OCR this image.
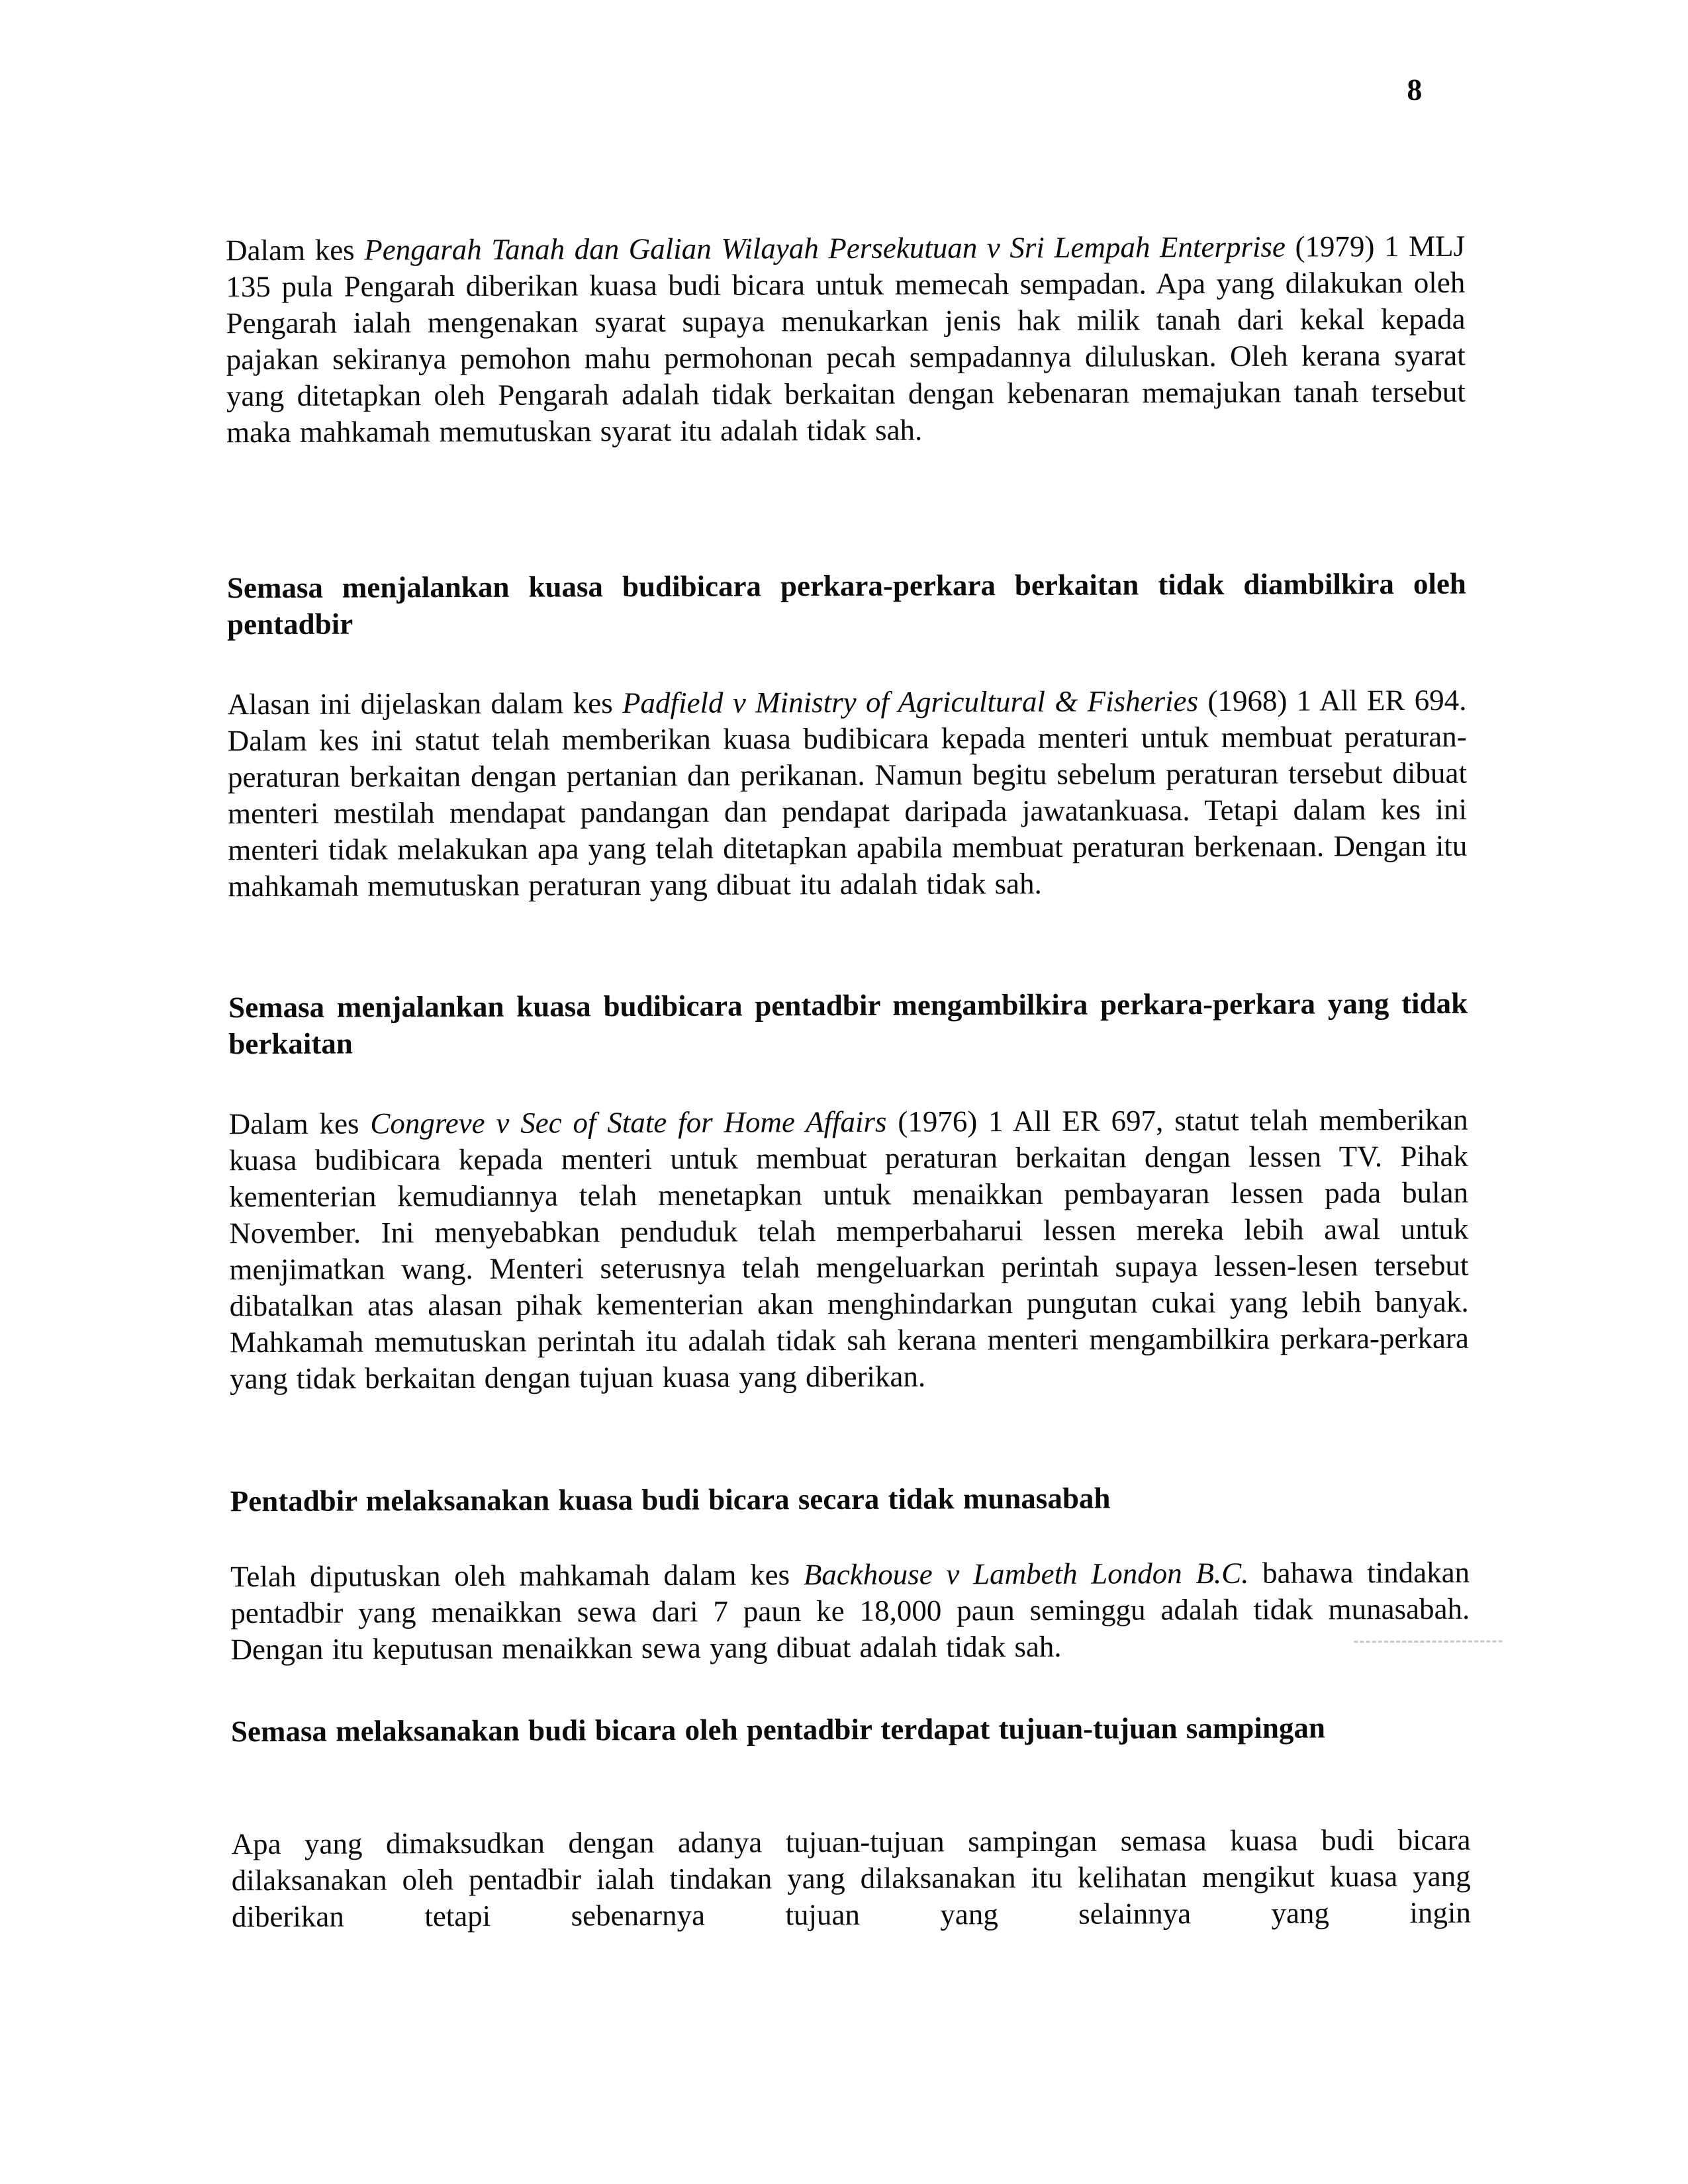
8

Dalam kes Pengarah Tanah dan Galian Wilayah Persekutuan v Sri Lempah Enterprise (1979) 1 MLJ 135 pula Pengarah diberikan kuasa budi bicara untuk memecah sempadan. Apa yang dilakukan oleh Pengarah ialah mengenakan syarat supaya menukarkan jenis hak milik tanah dari kekal kepada pajakan sekiranya pemohon mahu permohonan pecah sempadannya diluluskan. Oleh kerana syarat yang ditetapkan oleh Pengarah adalah tidak berkaitan dengan kebenaran memajukan tanah tersebut maka mahkamah memutuskan syarat itu adalah tidak sah.

Semasa menjalankan kuasa budibicara perkara-perkara berkaitan tidak diambilkira oleh pentadbir

Alasan ini dijelaskan dalam kes Padfield v Ministry of Agricultural & Fisheries (1968) 1 All ER 694. Dalam kes ini statut telah memberikan kuasa budibicara kepada menteri untuk membuat peraturan-peraturan berkaitan dengan pertanian dan perikanan. Namun begitu sebelum peraturan tersebut dibuat menteri mestilah mendapat pandangan dan pendapat daripada jawatankuasa. Tetapi dalam kes ini menteri tidak melakukan apa yang telah ditetapkan apabila membuat peraturan berkenaan. Dengan itu mahkamah memutuskan peraturan yang dibuat itu adalah tidak sah.

Semasa menjalankan kuasa budibicara pentadbir mengambilkira perkara-perkara yang tidak berkaitan

Dalam kes Congreve v Sec of State for Home Affairs (1976) 1 All ER 697, statut telah memberikan kuasa budibicara kepada menteri untuk membuat peraturan berkaitan dengan lessen TV. Pihak kementerian kemudiannya telah menetapkan untuk menaikkan pembayaran lessen pada bulan November. Ini menyebabkan penduduk telah memperbaharui lessen mereka lebih awal untuk menjimatkan wang. Menteri seterusnya telah mengeluarkan perintah supaya lessen-lesen tersebut dibatalkan atas alasan pihak kementerian akan menghindarkan pungutan cukai yang lebih banyak. Mahkamah memutuskan perintah itu adalah tidak sah kerana menteri mengambilkira perkara-perkara yang tidak berkaitan dengan tujuan kuasa yang diberikan.

Pentadbir melaksanakan kuasa budi bicara secara tidak munasabah

Telah diputuskan oleh mahkamah dalam kes Backhouse v Lambeth London B.C. bahawa tindakan pentadbir yang menaikkan sewa dari 7 paun ke 18,000 paun seminggu adalah tidak munasabah. Dengan itu keputusan menaikkan sewa yang dibuat adalah tidak sah.

Semasa melaksanakan budi bicara oleh pentadbir terdapat tujuan-tujuan sampingan

Apa yang dimaksudkan dengan adanya tujuan-tujuan sampingan semasa kuasa budi bicara dilaksanakan oleh pentadbir ialah tindakan yang dilaksanakan itu kelihatan mengikut kuasa yang diberikan tetapi sebenarnya tujuan yang selainnya yang ingin
